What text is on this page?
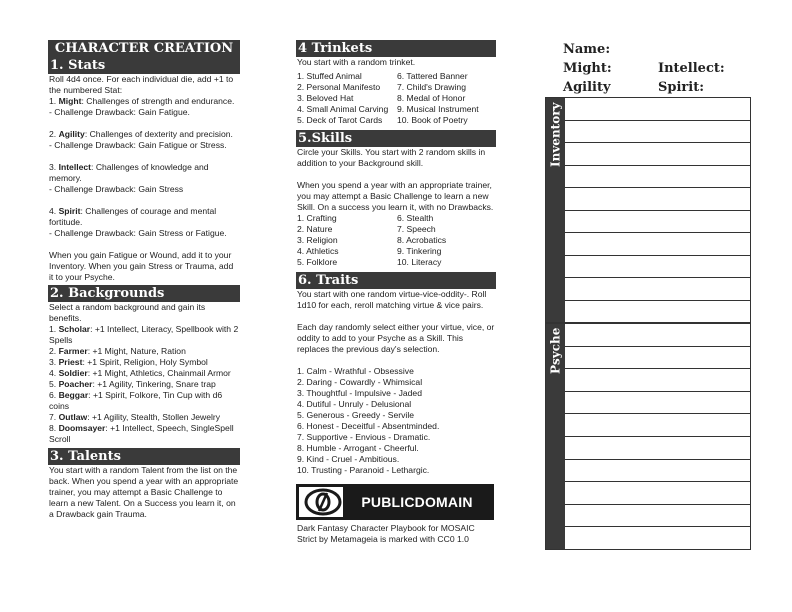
CHARACTER CREATION
1. Stats

Roll 4d4 once. For each individual die, add +1 to the numbered Stat:

1. Might: Challenges of strength and endurance.

- Challenge Drawback: Gain Fatigue.

2. Agility: Challenges of dexterity and precision.

- Challenge Drawback: Gain Fatigue or Stress.

3. Intellect: Challenges of knowledge and memory.

- Challenge Drawback: Gain Stress

4. Spirit: Challenges of courage and mental fortitude.

- Challenge Drawback: Gain Stress or Fatigue.

When you gain Fatigue or Wound, add it to your Inventory. When you gain Stress or Trauma, add it to your Psyche.

2. Backgrounds

Select a random background and gain its benefits.

1. Scholar: +1 Intellect, Literacy, Spellbook with 2 Spells

2. Farmer: +1 Might, Nature, Ration

3. Priest: +1 Spirit, Religion, Holy Symbol

4. Soldier: +1 Might, Athletics, Chainmail Armor

5. Poacher: +1 Agility, Tinkering, Snare trap

6. Beggar: +1 Spirit, Folkore, Tin Cup with d6 coins

7. Outlaw: +1 Agility, Stealth, Stollen Jewelry

8. Doomsayer: +1 Intellect, Speech, SingleSpell Scroll

3. Talents

You start with a random Talent from the list on the back. When you spend a year with an appropriate trainer, you may attempt a Basic Challenge to learn a new Talent. On a Success you learn it, on a Drawback gain Trauma.

4 Trinkets

You start with a random trinket.

1. Stuffed Animal
2. Personal Manifesto
3. Beloved Hat
4. Small Animal Carving
5. Deck of Tarot Cards
6. Tattered Banner
7. Child's Drawing
8. Medal of Honor
9. Musical Instrument
10. Book of Poetry
5.Skills

Circle your Skills. You start with 2 random skills in addition to your Background skill.

When you spend a year with an appropriate trainer, you may attempt a Basic Challenge to learn a new Skill. On a success you learn it, with no Drawbacks.

1. Crafting
2. Nature
3. Religion
4. Athletics
5. Folklore
6. Stealth
7. Speech
8. Acrobatics
9. Tinkering
10. Literacy
6. Traits

You start with one random virtue-vice-oddity-. Roll 1d10 for each, reroll matching virtue & vice pairs.

Each day randomly select either your virtue, vice, or oddity to add to your Psyche as a Skill. This replaces the previous day's selection.

1. Calm - Wrathful - Obsessive

2. Daring - Cowardly - Whimsical

3. Thoughtful - Impulsive - Jaded

4. Dutiful - Unruly - Delusional

5. Generous - Greedy - Servile

6. Honest - Deceitful - Absentminded.

7. Supportive - Envious - Dramatic.

8. Humble - Arrogant - Cheerful.

9. Kind - Cruel - Ambitious.

10. Trusting - Paranoid - Lethargic.

PUBLICDOMAIN

Dark Fantasy Character Playbook for MOSAIC

Strict by Metamageia is marked with CC0 1.0

Name:
Might:	Intellect:
Agility	Spirit:
Inventory
Psyche
